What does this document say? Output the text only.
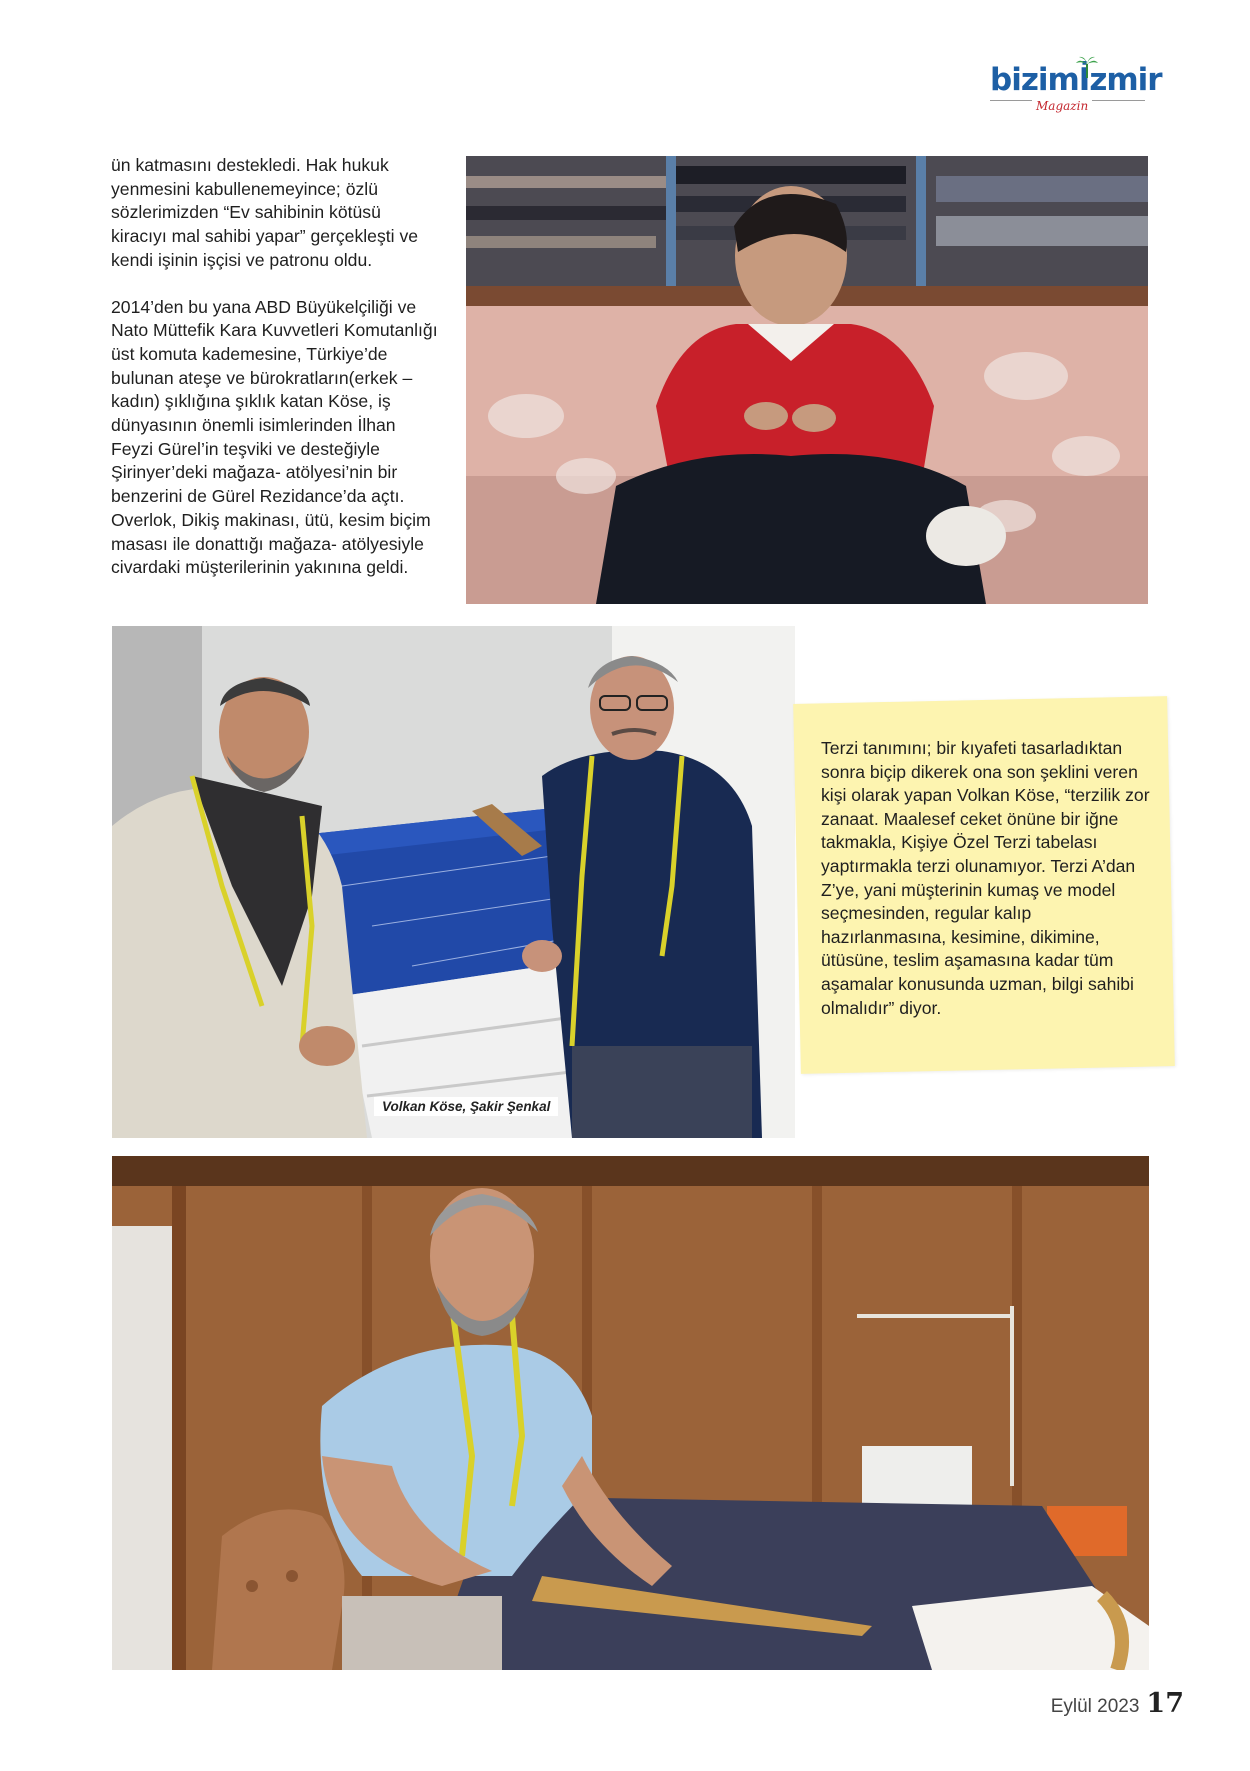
bizimİzmir
Magazin

ün katmasını destekledi. Hak hukuk yenmesini kabullenemeyince; özlü sözlerimizden “Ev sahibinin kötüsü kiracıyı mal sahibi yapar” gerçekleşti ve kendi işinin işçisi ve patronu oldu.

2014’den bu yana ABD Büyükelçiliği ve Nato Müttefik Kara Kuvvetleri Komutanlığı üst komuta kademesine, Türkiye’de bulunan ateşe ve bürokratların(erkek – kadın) şıklığına şıklık katan Köse, iş dünyasının önemli isimlerinden İlhan Feyzi Gürel’in teşviki ve desteğiyle Şirinyer’deki mağaza- atölyesi’nin bir benzerini de Gürel Rezidance’da açtı. Overlok, Dikiş makinası, ütü, kesim biçim masası ile donattığı mağaza- atölyesiyle civardaki müşterilerinin yakınına geldi.

Volkan Köse, Şakir Şenkal
Terzi tanımını; bir kıyafeti tasarladıktan sonra biçip dikerek ona son şeklini veren kişi olarak yapan Volkan Köse, “terzilik zor zanaat. Maalesef ceket önüne bir iğne takmakla, Kişiye Özel Terzi tabelası yaptırmakla terzi olunamıyor. Terzi A’dan Z’ye, yani müşterinin kumaş ve model seçmesinden, regular kalıp hazırlanmasına, kesimine, dikimine, ütüsüne, teslim aşamasına kadar tüm aşamalar konusunda uzman, bilgi sahibi olmalıdır” diyor.
Eylül 2023 17
